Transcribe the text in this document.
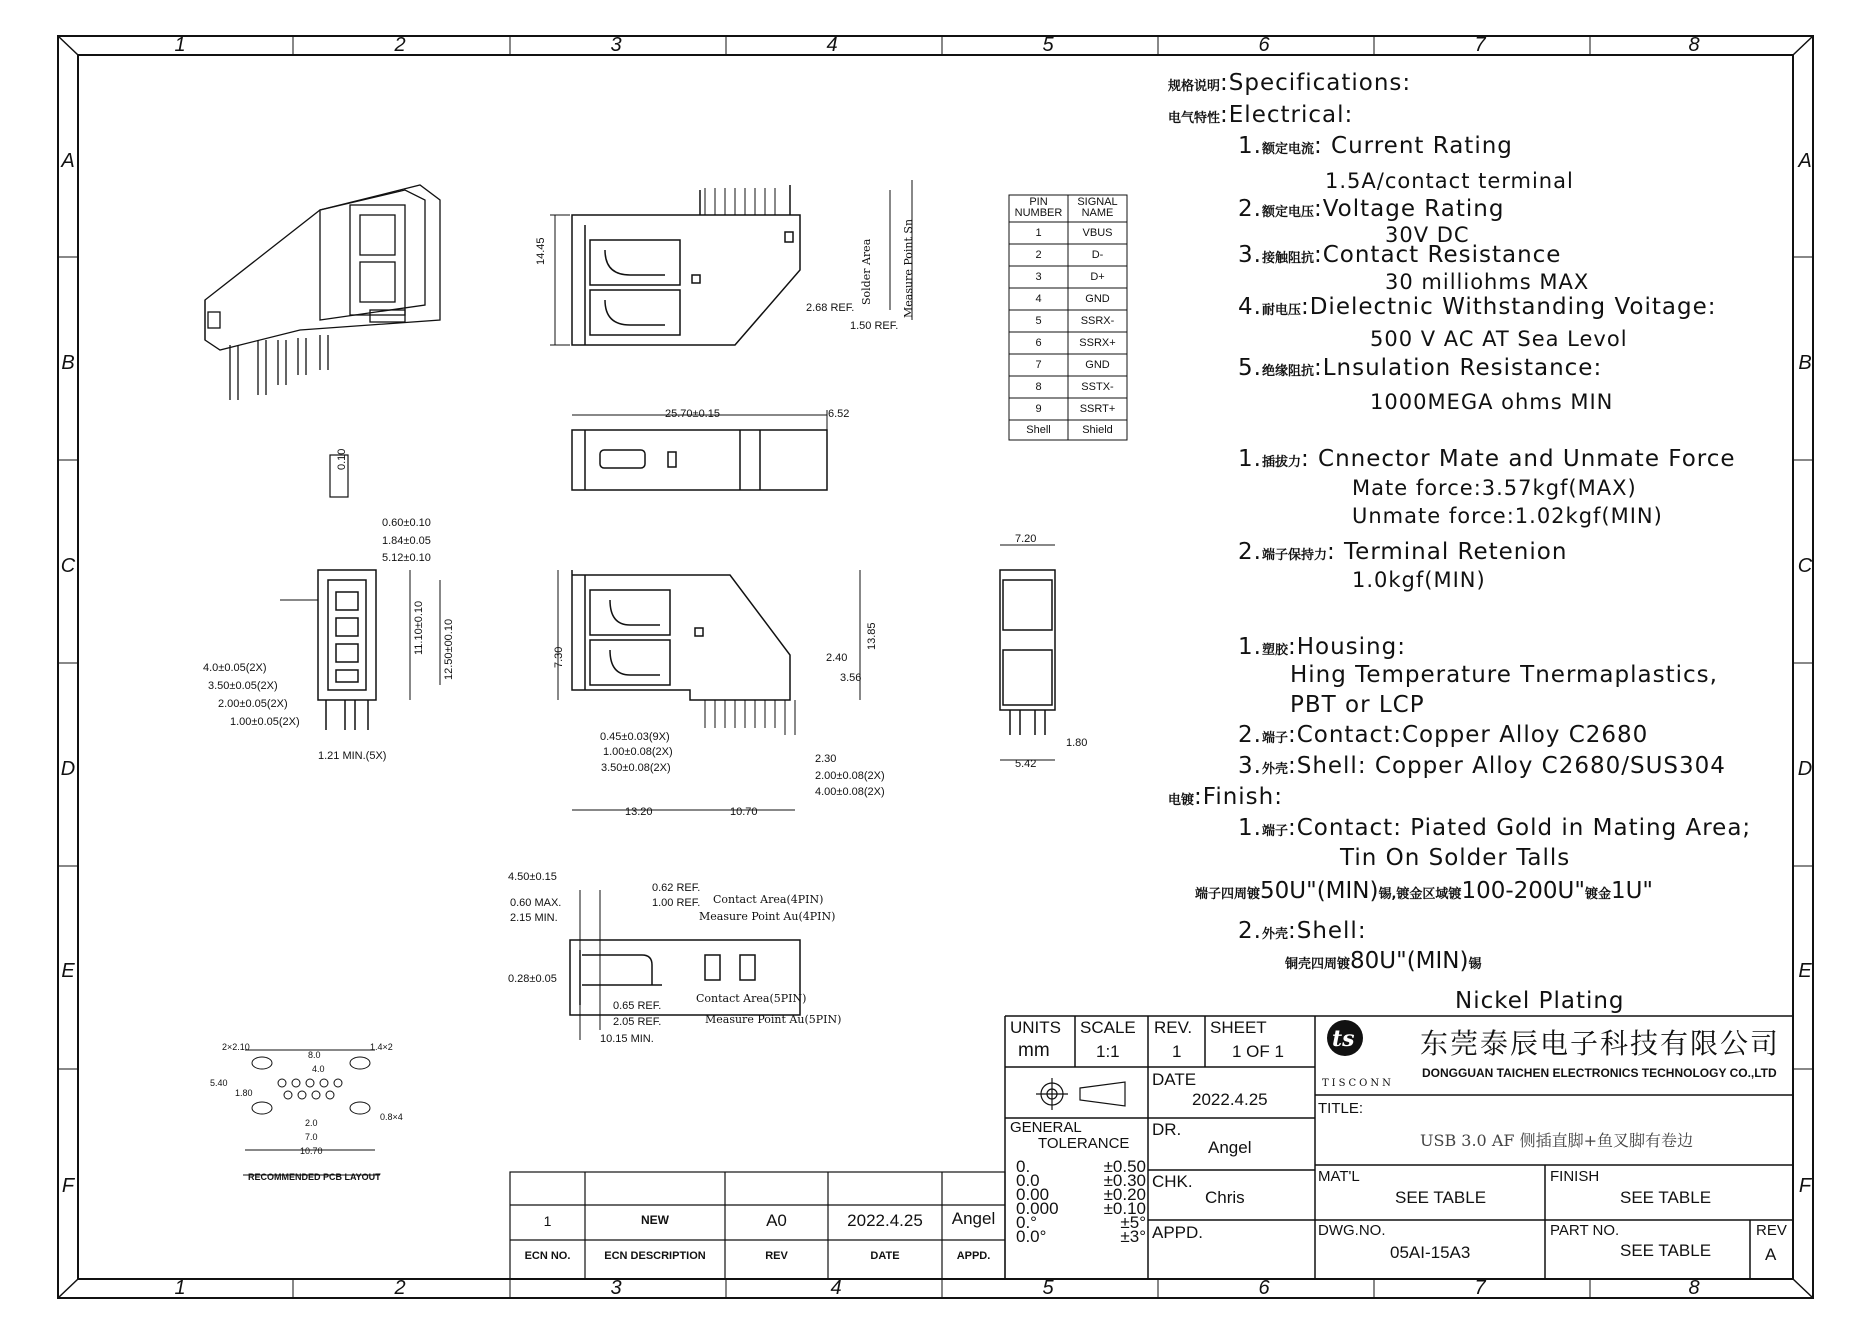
ts
1	2	3	4	5	6	7	8
1	2	3	4	5	6	7	8
A
B
C
D
E
F
A
B
C
D
E
F
规格说明:Specifications:
电气特性:Electrical:
1.额定电流: Current Rating
1.5A/contact terminal
2.额定电压:Voltage Rating
30V DC
3.接触阻抗:Contact Resistance
30 milliohms MAX
4.耐电压:Dielectnic Withstanding Voitage:
500 V AC AT Sea Levol
5.绝缘阻抗:Lnsulation Resistance:
1000MEGA ohms MIN
1.插拔力: Cnnector Mate and Unmate Force
Mate force:3.57kgf(MAX)
Unmate force:1.02kgf(MIN)
2.端子保持力: Terminal Retenion
1.0kgf(MIN)
1.塑胶:Housing:
Hing Temperature Tnermaplastics,
PBT or LCP
2.端子:Contact:Copper Alloy C2680
3.外壳:Shell: Copper Alloy C2680/SUS304
电镀:Finish:
1.端子:Contact: Piated Gold in Mating Area;
Tin On Solder Talls
端子四周镀50U"(MIN)锡,镀金区域镀100-200U"镀金1U"
2.外壳:Shell:
铜壳四周镀80U"(MIN)锡
Nickel Plating
PIN
NUMBER
SIGNAL
NAME
1	VBUS
2	D-
3	D+
4	GND
5	SSRX-
6	SSRX+
7	GND
8	SSTX-
9	SSRT+
Shell	Shield
14.45
2.68 REF.
1.50 REF.
Solder Area	Measure Point Sn
25.70±0.15	6.52
0.10
0.60±0.10
1.84±0.05
5.12±0.10
11.10±0.10 12.50±00.10
4.0±0.05(2X)
3.50±0.05(2X)
2.00±0.05(2X)
1.00±0.05(2X)
1.21 MIN.(5X)
7.30
13.85
2.40
3.56
0.45±0.03(9X)
1.00±0.08(2X)
3.50±0.08(2X)
2.30
2.00±0.08(2X)
4.00±0.08(2X)
13.20	10.70
7.20
1.80
5.42
4.50±0.15
0.62 REF.
0.60 MAX.	1.00 REF.
2.15 MIN.
Contact Area(4PIN)
Measure Point Au(4PIN)
0.28±0.05
Contact Area(5PIN)
0.65 REF.
Measure Point Au(5PIN)
2.05 REF.
10.15 MIN.
2×2.10
8.0
1.4×2
4.0
5.40
1.80
2.0
7.0
10.70
0.8×4
RECOMMENDED PCB LAYOUT
1	NEW	A0	2022.4.25	Angel
ECN NO.	ECN DESCRIPTION	REV	DATE	APPD.
UNITS
mm
SCALE
1:1
REV.
1
SHEET
1 OF 1
DATE
2022.4.25
GENERAL
TOLERANCE
0.	±0.50
0.0	±0.30
0.00	±0.20
0.000	±0.10
0.°	±5°
0.0°	±3°
DR.
Angel
CHK.
Chris
APPD.
东莞泰辰电子科技有限公司
DONGGUAN TAICHEN ELECTRONICS TECHNOLOGY CO.,LTD
TISCONN
TITLE:
USB 3.0 AF 侧插直脚+鱼叉脚有卷边
MAT'L
SEE TABLE
FINISH
SEE TABLE
DWG.NO.
05AI-15A3
PART NO.
SEE TABLE
REV
A
